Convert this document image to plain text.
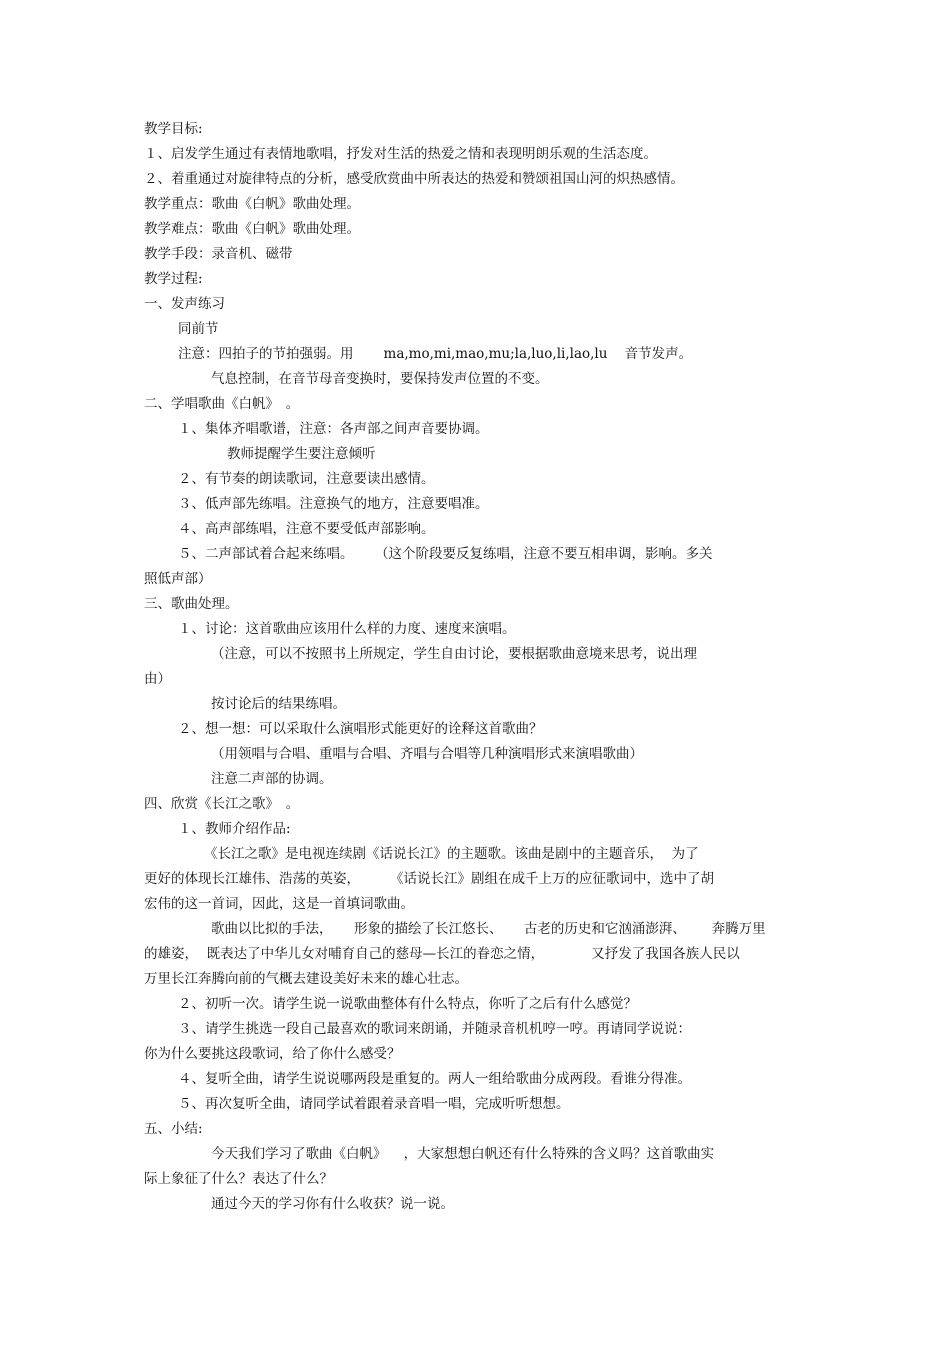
教学目标:
１、启发学生通过有表情地歌唱，抒发对生活的热爱之情和表现明朗乐观的生活态度。
２、着重通过对旋律特点的分析，感受欣赏曲中所表达的热爱和赞颂祖国山河的炽热感情。
教学重点：歌曲《白帆》歌曲处理。
教学难点：歌曲《白帆》歌曲处理。
教学手段：录音机、磁带
教学过程:
一、发声练习
同前节
注意：四拍子的节拍强弱。用       ma,mo,mi,mao,mu;la,luo,li,lao,lu    音节发声。
气息控制，在音节母音变换时，要保持发声位置的不变。
二、学唱歌曲《白帆》　。
１、集体齐唱歌谱，注意：各声部之间声音要协调。
教师提醒学生要注意倾听
２、有节奏的朗读歌词，注意要读出感情。
３、低声部先练唱。注意换气的地方，注意要唱准。
４、高声部练唱，注意不要受低声部影响。
５、二声部试着合起来练唱。     （这个阶段要反复练唱，注意不要互相串调，影响。多关
照低声部）
三、歌曲处理。
１、讨论：这首歌曲应该用什么样的力度、速度来演唱。
（注意，可以不按照书上所规定，学生自由讨论，要根据歌曲意境来思考，说出理
由）
按讨论后的结果练唱。
２、想一想：可以采取什么演唱形式能更好的诠释这首歌曲？
（用领唱与合唱、重唱与合唱、齐唱与合唱等几种演唱形式来演唱歌曲）
注意二声部的协调。
四、欣赏《长江之歌》　。
１、教师介绍作品:
《长江之歌》是电视连续剧《话说长江》的主题歌。该曲是剧中的主题音乐，  为了
更好的体现长江雄伟、浩荡的英姿，       《话说长江》剧组在成千上万的应征歌词中，选中了胡
宏伟的这一首词，因此，这是一首填词歌曲。
歌曲以比拟的手法，     形象的描绘了长江悠长、     古老的历史和它汹涌澎湃、      奔腾万里
的雄姿，  既表达了中华儿女对哺育自己的慈母—长江的眷恋之情，           又抒发了我国各族人民以
万里长江奔腾向前的气概去建设美好未来的雄心壮志。
２、初听一次。请学生说一说歌曲整体有什么特点，你听了之后有什么感觉？
３、请学生挑选一段自己最喜欢的歌词来朗诵，并随录音机机哼一哼。再请同学说说：
你为什么要挑这段歌词，给了你什么感受？
４、复听全曲，请学生说说哪两段是重复的。两人一组给歌曲分成两段。看谁分得准。
５、再次复听全曲，请同学试着跟着录音唱一唱，完成听听想想。
五、小结:
今天我们学习了歌曲《白帆》    ，大家想想白帆还有什么特殊的含义吗？这首歌曲实
际上象征了什么？表达了什么？
通过今天的学习你有什么收获？说一说。
